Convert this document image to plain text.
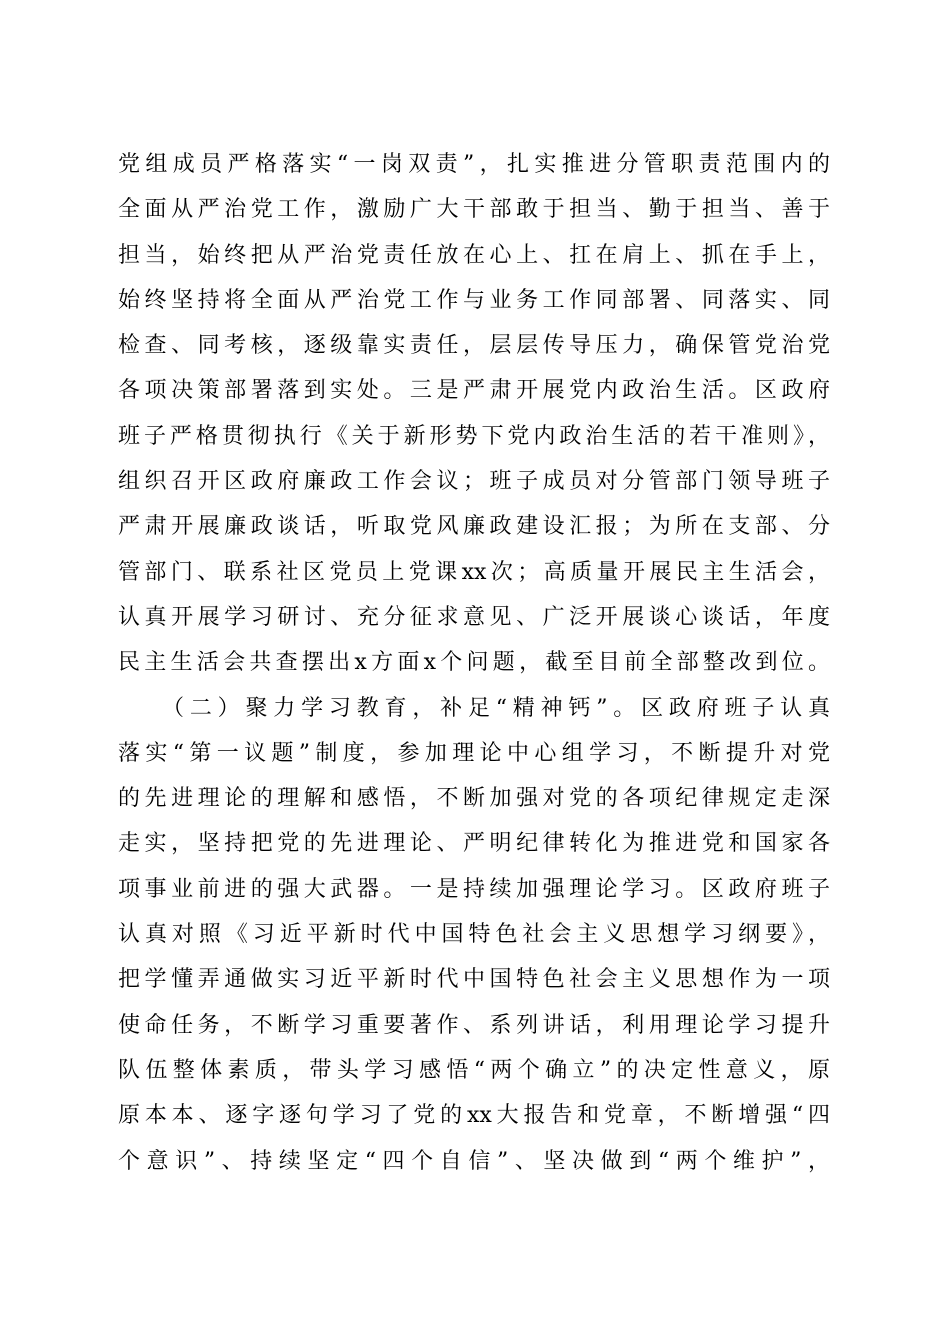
党组成员严格落实“一岗双责”，扎实推进分管职责范围内的
全面从严治党工作，激励广大干部敢于担当、勤于担当、善于
担当，始终把从严治党责任放在心上、扛在肩上、抓在手上，
始终坚持将全面从严治党工作与业务工作同部署、同落实、同
检查、同考核，逐级靠实责任，层层传导压力，确保管党治党
各项决策部署落到实处。三是严肃开展党内政治生活。区政府
班子严格贯彻执行《关于新形势下党内政治生活的若干准则》，
组织召开区政府廉政工作会议；班子成员对分管部门领导班子
严肃开展廉政谈话，听取党风廉政建设汇报；为所在支部、分
管部门、联系社区党员上党课xx次；高质量开展民主生活会，
认真开展学习研讨、充分征求意见、广泛开展谈心谈话，年度
民主生活会共查摆出x方面x个问题，截至目前全部整改到位。
（二）聚力学习教育，补足“精神钙”。区政府班子认真
落实“第一议题”制度，参加理论中心组学习，不断提升对党
的先进理论的理解和感悟，不断加强对党的各项纪律规定走深
走实，坚持把党的先进理论、严明纪律转化为推进党和国家各
项事业前进的强大武器。一是持续加强理论学习。区政府班子
认真对照《习近平新时代中国特色社会主义思想学习纲要》，
把学懂弄通做实习近平新时代中国特色社会主义思想作为一项
使命任务，不断学习重要著作、系列讲话，利用理论学习提升
队伍整体素质，带头学习感悟“两个确立”的决定性意义，原
原本本、逐字逐句学习了党的xx大报告和党章，不断增强“四
个意识”、持续坚定“四个自信”、坚决做到“两个维护”，
